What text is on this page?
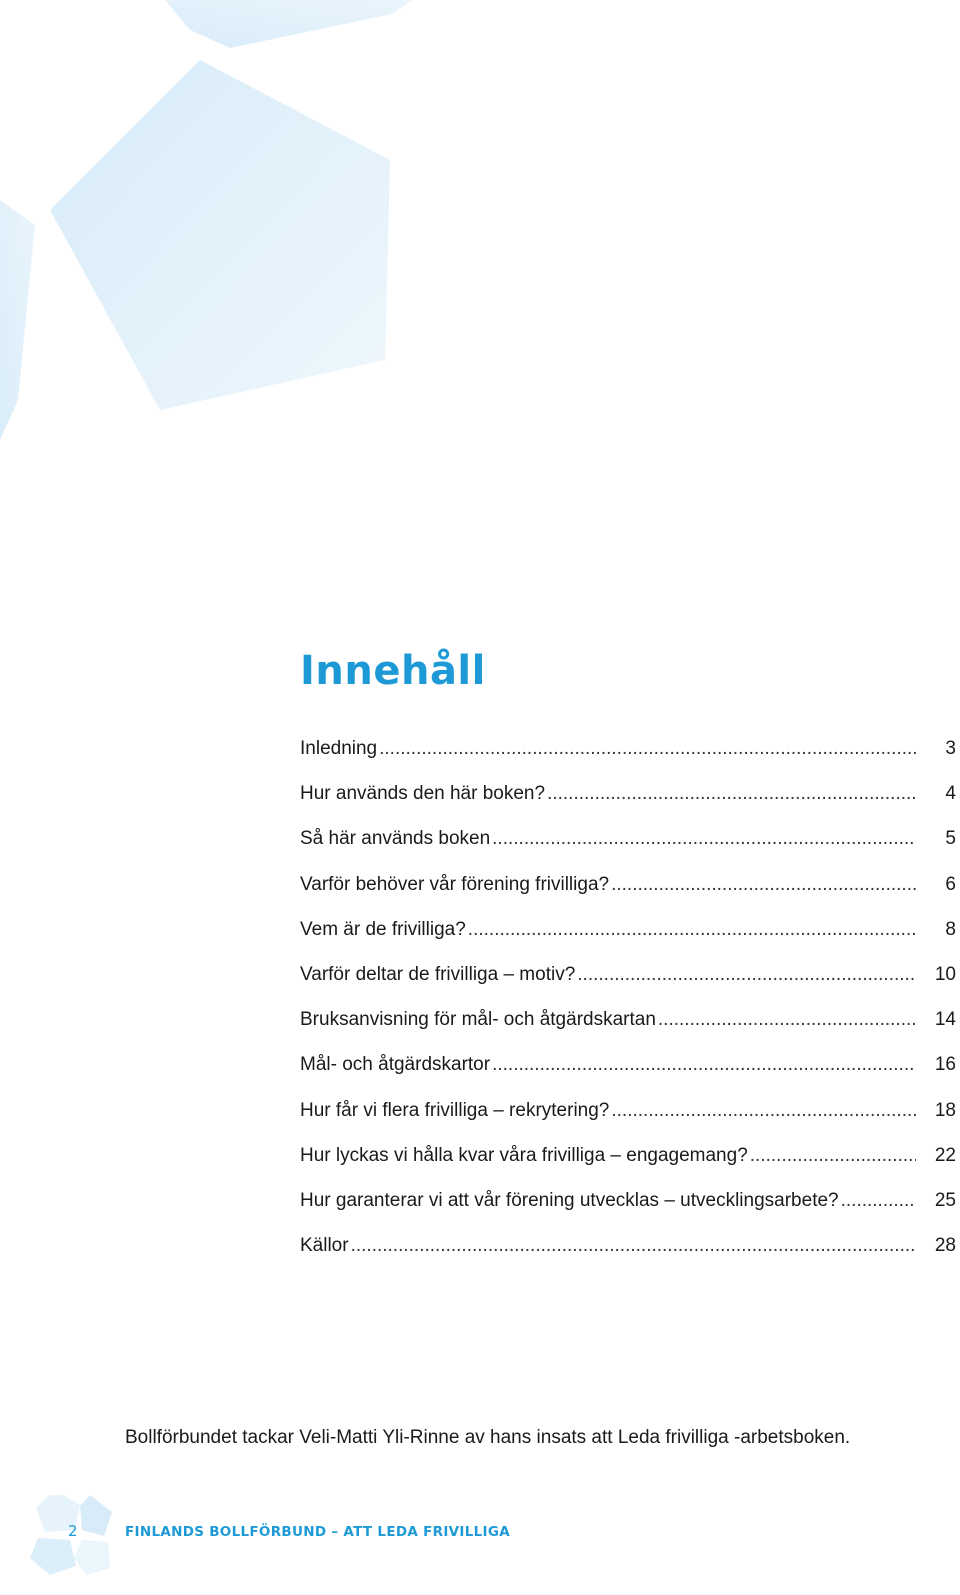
Innehåll
Inledning .....	3
Hur används den här boken? .....	4
Så här används boken .....	5
Varför behöver vår förening frivilliga? .....	6
Vem är de frivilliga? .....	8
Varför deltar de frivilliga – motiv? .....	10
Bruksanvisning för mål- och åtgärdskartan .....	14
Mål- och åtgärdskartor .....	16
Hur får vi flera frivilliga – rekrytering? .....	18
Hur lyckas vi hålla kvar våra frivilliga – engagemang? .....	22
Hur garanterar vi att vår förening utvecklas – utvecklingsarbete? .....	25
Källor .....	28
Bollförbundet tackar Veli-Matti Yli-Rinne av hans insats att Leda frivilliga -arbetsboken.
2	FINLANDS BOLLFÖRBUND – ATT LEDA FRIVILLIGA
